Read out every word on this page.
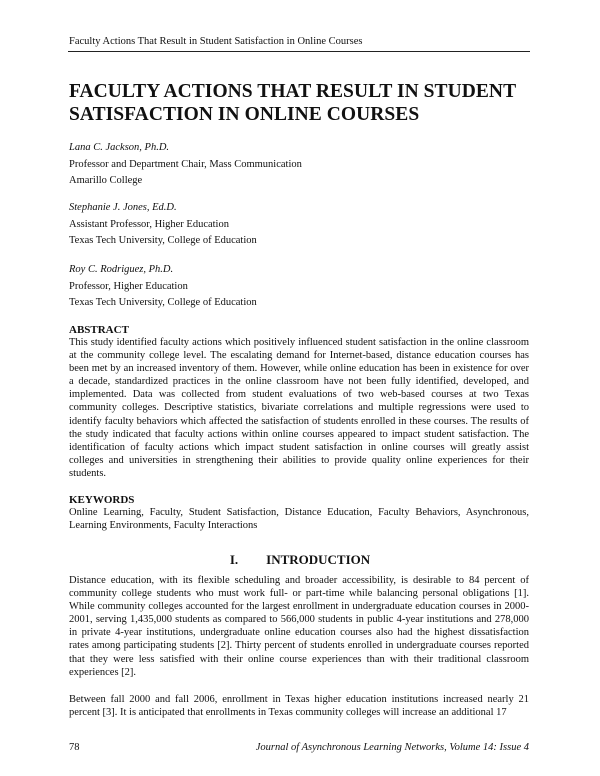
Faculty Actions That Result in Student Satisfaction in Online Courses
FACULTY ACTIONS THAT RESULT IN STUDENT
SATISFACTION IN ONLINE COURSES
Lana C. Jackson, Ph.D.
Professor and Department Chair, Mass Communication
Amarillo College
Stephanie J. Jones, Ed.D.
Assistant Professor, Higher Education
Texas Tech University, College of Education
Roy C. Rodriguez, Ph.D.
Professor, Higher Education
Texas Tech University, College of Education
ABSTRACT
This study identified faculty actions which positively influenced student satisfaction in the online classroom at the community college level. The escalating demand for Internet-based, distance education courses has been met by an increased inventory of them. However, while online education has been in existence for over a decade, standardized practices in the online classroom have not been fully identified, developed, and implemented. Data was collected from student evaluations of two web-based courses at two Texas community colleges. Descriptive statistics, bivariate correlations and multiple regressions were used to identify faculty behaviors which affected the satisfaction of students enrolled in these courses. The results of the study indicated that faculty actions within online courses appeared to impact student satisfaction. The identification of faculty actions which impact student satisfaction in online courses will greatly assist colleges and universities in strengthening their abilities to provide quality online experiences for their students.
KEYWORDS
Online Learning, Faculty, Student Satisfaction, Distance Education, Faculty Behaviors, Asynchronous, Learning Environments, Faculty Interactions
I. INTRODUCTION
Distance education, with its flexible scheduling and broader accessibility, is desirable to 84 percent of community college students who must work full- or part-time while balancing personal obligations [1]. While community colleges accounted for the largest enrollment in undergraduate education courses in 2000-2001, serving 1,435,000 students as compared to 566,000 students in public 4-year institutions and 278,000 in private 4-year institutions, undergraduate online education courses also had the highest dissatisfaction rates among participating students [2]. Thirty percent of students enrolled in undergraduate courses reported that they were less satisfied with their online course experiences than with their traditional classroom experiences [2].
Between fall 2000 and fall 2006, enrollment in Texas higher education institutions increased nearly 21 percent [3]. It is anticipated that enrollments in Texas community colleges will increase an additional 17
78	Journal of Asynchronous Learning Networks, Volume 14: Issue 4
